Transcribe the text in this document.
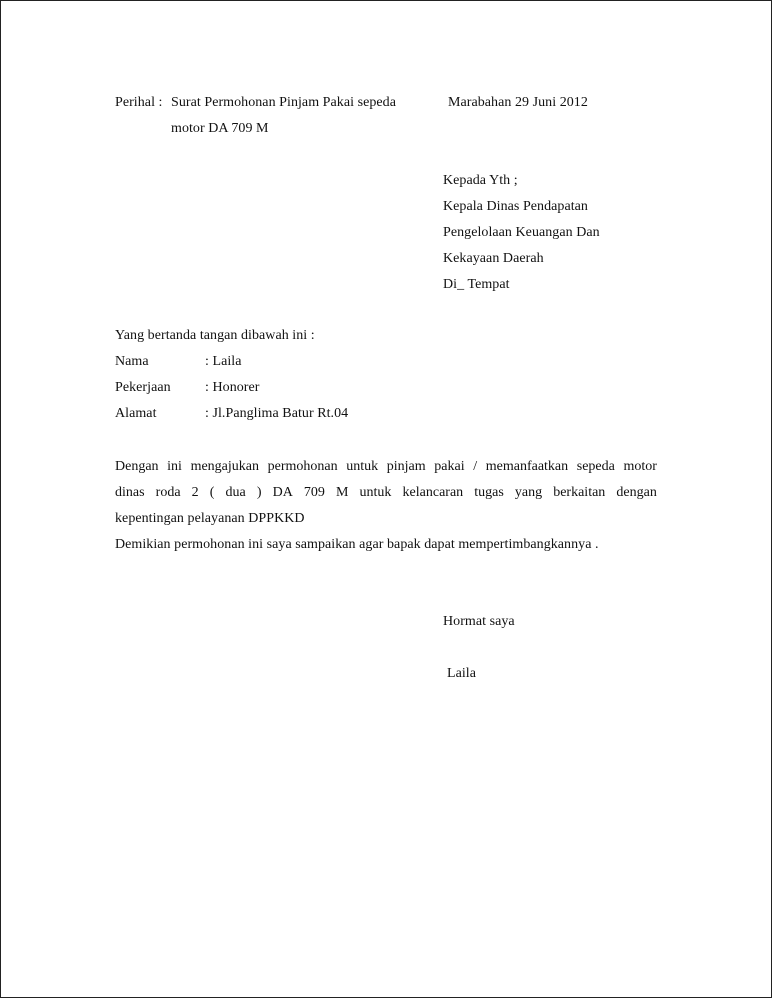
Perihal : Surat Permohonan Pinjam Pakai sepeda
motor DA 709 M
Marabahan 29 Juni 2012
Kepada Yth ;
Kepala Dinas Pendapatan
Pengelolaan Keuangan Dan
Kekayaan Daerah
Di_ Tempat
Yang bertanda tangan dibawah ini :
Nama	: Laila
Pekerjaan : Honorer
Alamat	: Jl.Panglima Batur Rt.04
Dengan ini mengajukan permohonan untuk pinjam pakai / memanfaatkan sepeda motor
dinas roda 2 ( dua ) DA 709 M untuk kelancaran tugas yang berkaitan dengan
kepentingan pelayanan DPPKKD
Demikian permohonan ini saya sampaikan agar bapak dapat mempertimbangkannya .
Hormat saya
Laila
